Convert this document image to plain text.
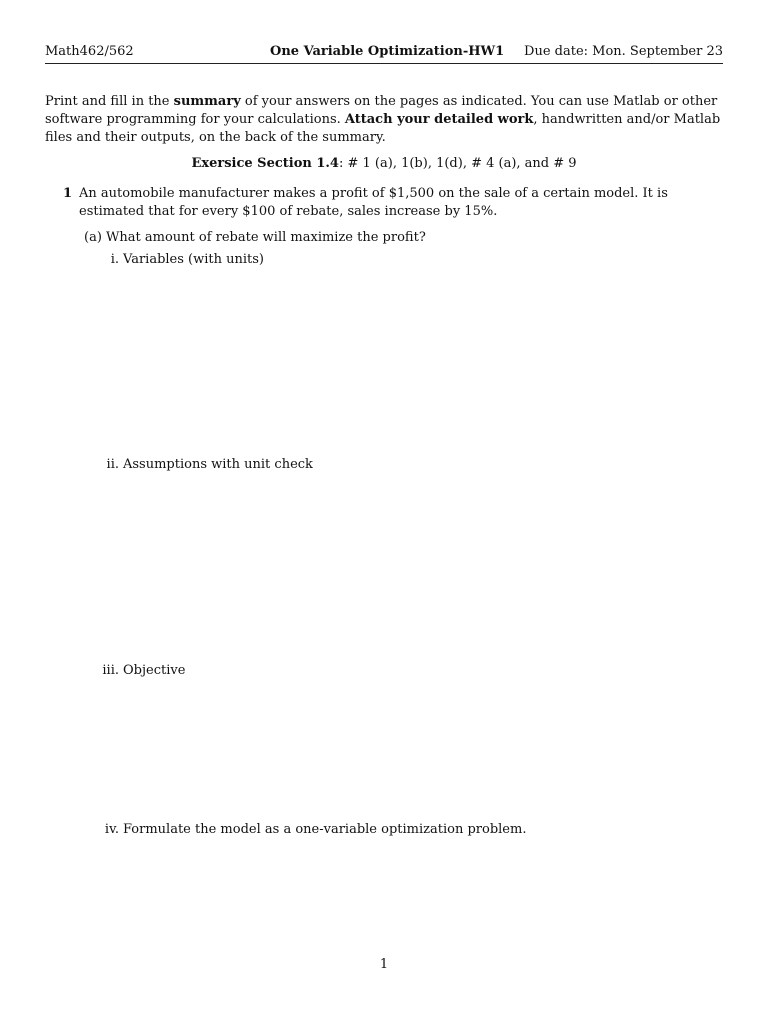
Math462/562	One Variable Optimization-HW1 Due date: Mon. September 23
Print and fill in the summary of your answers on the pages as indicated. You can use Matlab or other software programming for your calculations. Attach your detailed work, handwritten and/or Matlab files and their outputs, on the back of the summary.
Exersice Section 1.4: # 1 (a), 1(b), 1(d), # 4 (a), and # 9
1 An automobile manufacturer makes a profit of $1,500 on the sale of a certain model. It is estimated that for every $100 of rebate, sales increase by 15%.
(a) What amount of rebate will maximize the profit?
i. Variables (with units)
ii. Assumptions with unit check
iii. Objective
iv. Formulate the model as a one-variable optimization problem.
1
